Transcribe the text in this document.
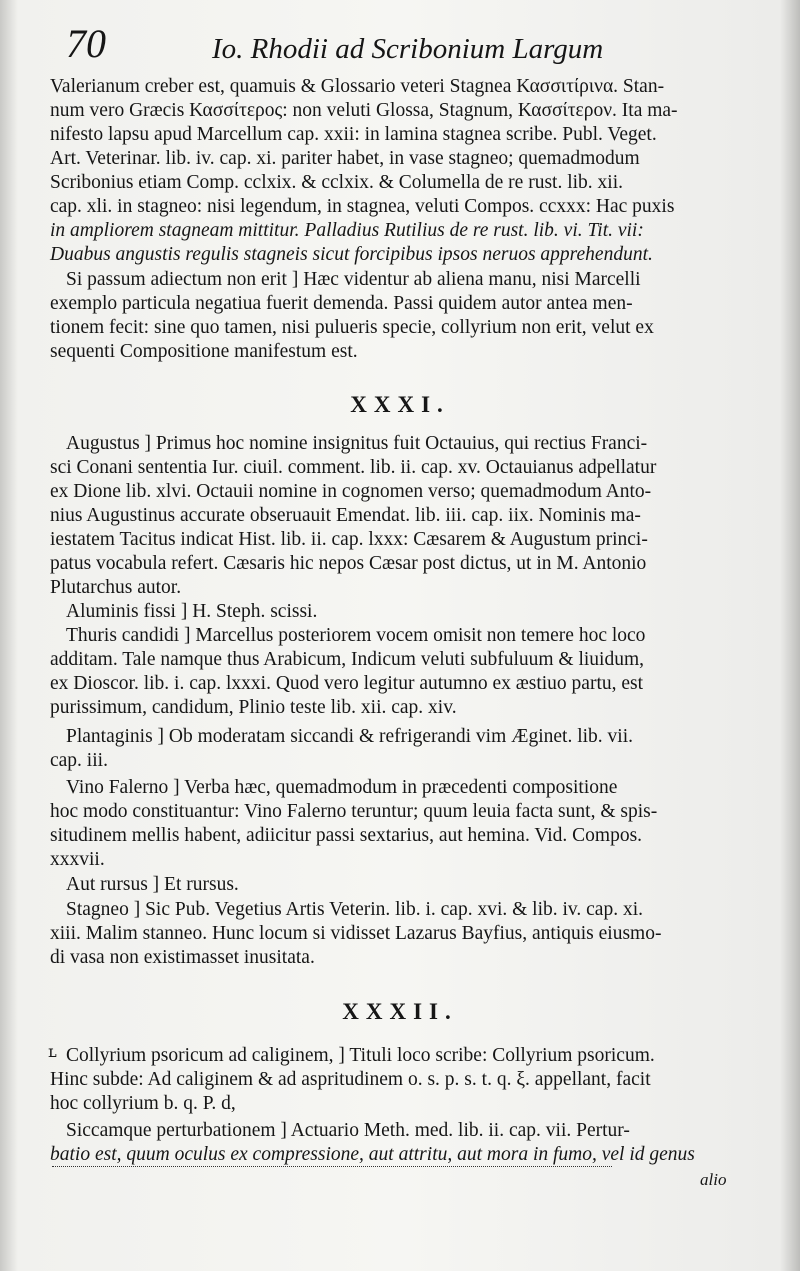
70	Io. Rhodii ad Scribonium Largum
Valerianum creber est, quamuis & Glossario veteri Stagnea Κασσιτίρινα. Stan-
num vero Græcis Κασσίτερος: non veluti Glossa, Stagnum, Κασσίτερον. Ita ma-
nifesto lapsu apud Marcellum cap. xxii: in lamina stagnea scribe. Publ. Veget.
Art. Veterinar. lib. iv. cap. xi. pariter habet, in vase stagneo; quemadmodum
Scribonius etiam Comp. cclxix. & cclxix. & Columella de re rust. lib. xii.
cap. xli. in stagneo: nisi legendum, in stagnea, veluti Compos. ccxxx: Hac puxis
in ampliorem stagneam mittitur. Palladius Rutilius de re rust. lib. vi. Tit. vii:
Duabus angustis regulis stagneis sicut forcipibus ipsos neruos apprehendunt.
Si passum adiectum non erit ] Hæc videntur ab aliena manu, nisi Marcelli
exemplo particula negatiua fuerit demenda. Passi quidem autor antea men-
tionem fecit: sine quo tamen, nisi pulueris specie, collyrium non erit, velut ex
sequenti Compositione manifestum est.
XXXI.
Augustus ] Primus hoc nomine insignitus fuit Octauius, qui rectius Franci-
sci Conani sententia Iur. ciuil. comment. lib. ii. cap. xv. Octauianus adpellatur
ex Dione lib. xlvi. Octauii nomine in cognomen verso; quemadmodum Anto-
nius Augustinus accurate obseruauit Emendat. lib. iii. cap. iix. Nominis ma-
iestatem Tacitus indicat Hist. lib. ii. cap. lxxx: Cæsarem & Augustum princi-
patus vocabula refert. Cæsaris hic nepos Cæsar post dictus, ut in M. Antonio
Plutarchus autor.
Aluminis fissi ] H. Steph. scissi.
Thuris candidi ] Marcellus posteriorem vocem omisit non temere hoc loco
additam. Tale namque thus Arabicum, Indicum veluti subfuluum & liuidum,
ex Dioscor. lib. i. cap. lxxxi. Quod vero legitur autumno ex æstiuo partu, est
purissimum, candidum, Plinio teste lib. xii. cap. xiv.
Plantaginis ] Ob moderatam siccandi & refrigerandi vim Æginet. lib. vii.
cap. iii.
Vino Falerno ] Verba hæc, quemadmodum in præcedenti compositione
hoc modo constituantur: Vino Falerno teruntur; quum leuia facta sunt, & spis-
situdinem mellis habent, adiicitur passi sextarius, aut hemina. Vid. Compos.
xxxvii.
Aut rursus ] Et rursus.
Stagneo ] Sic Pub. Vegetius Artis Veterin. lib. i. cap. xvi. & lib. iv. cap. xi.
xiii. Malim stanneo. Hunc locum si vidisset Lazarus Bayfius, antiquis eiusmo-
di vasa non existimasset inusitata.
XXXII.
ʟ Collyrium psoricum ad caliginem, ] Tituli loco scribe: Collyrium psoricum.
Hinc subde: Ad caliginem & ad aspritudinem o. s. p. s. t. q. ξ. appellant, facit
hoc collyrium b. q. P. d,
Siccamque perturbationem ] Actuario Meth. med. lib. ii. cap. vii. Pertur-
batio est, quum oculus ex compressione, aut attritu, aut mora in fumo, vel id genus
alio
